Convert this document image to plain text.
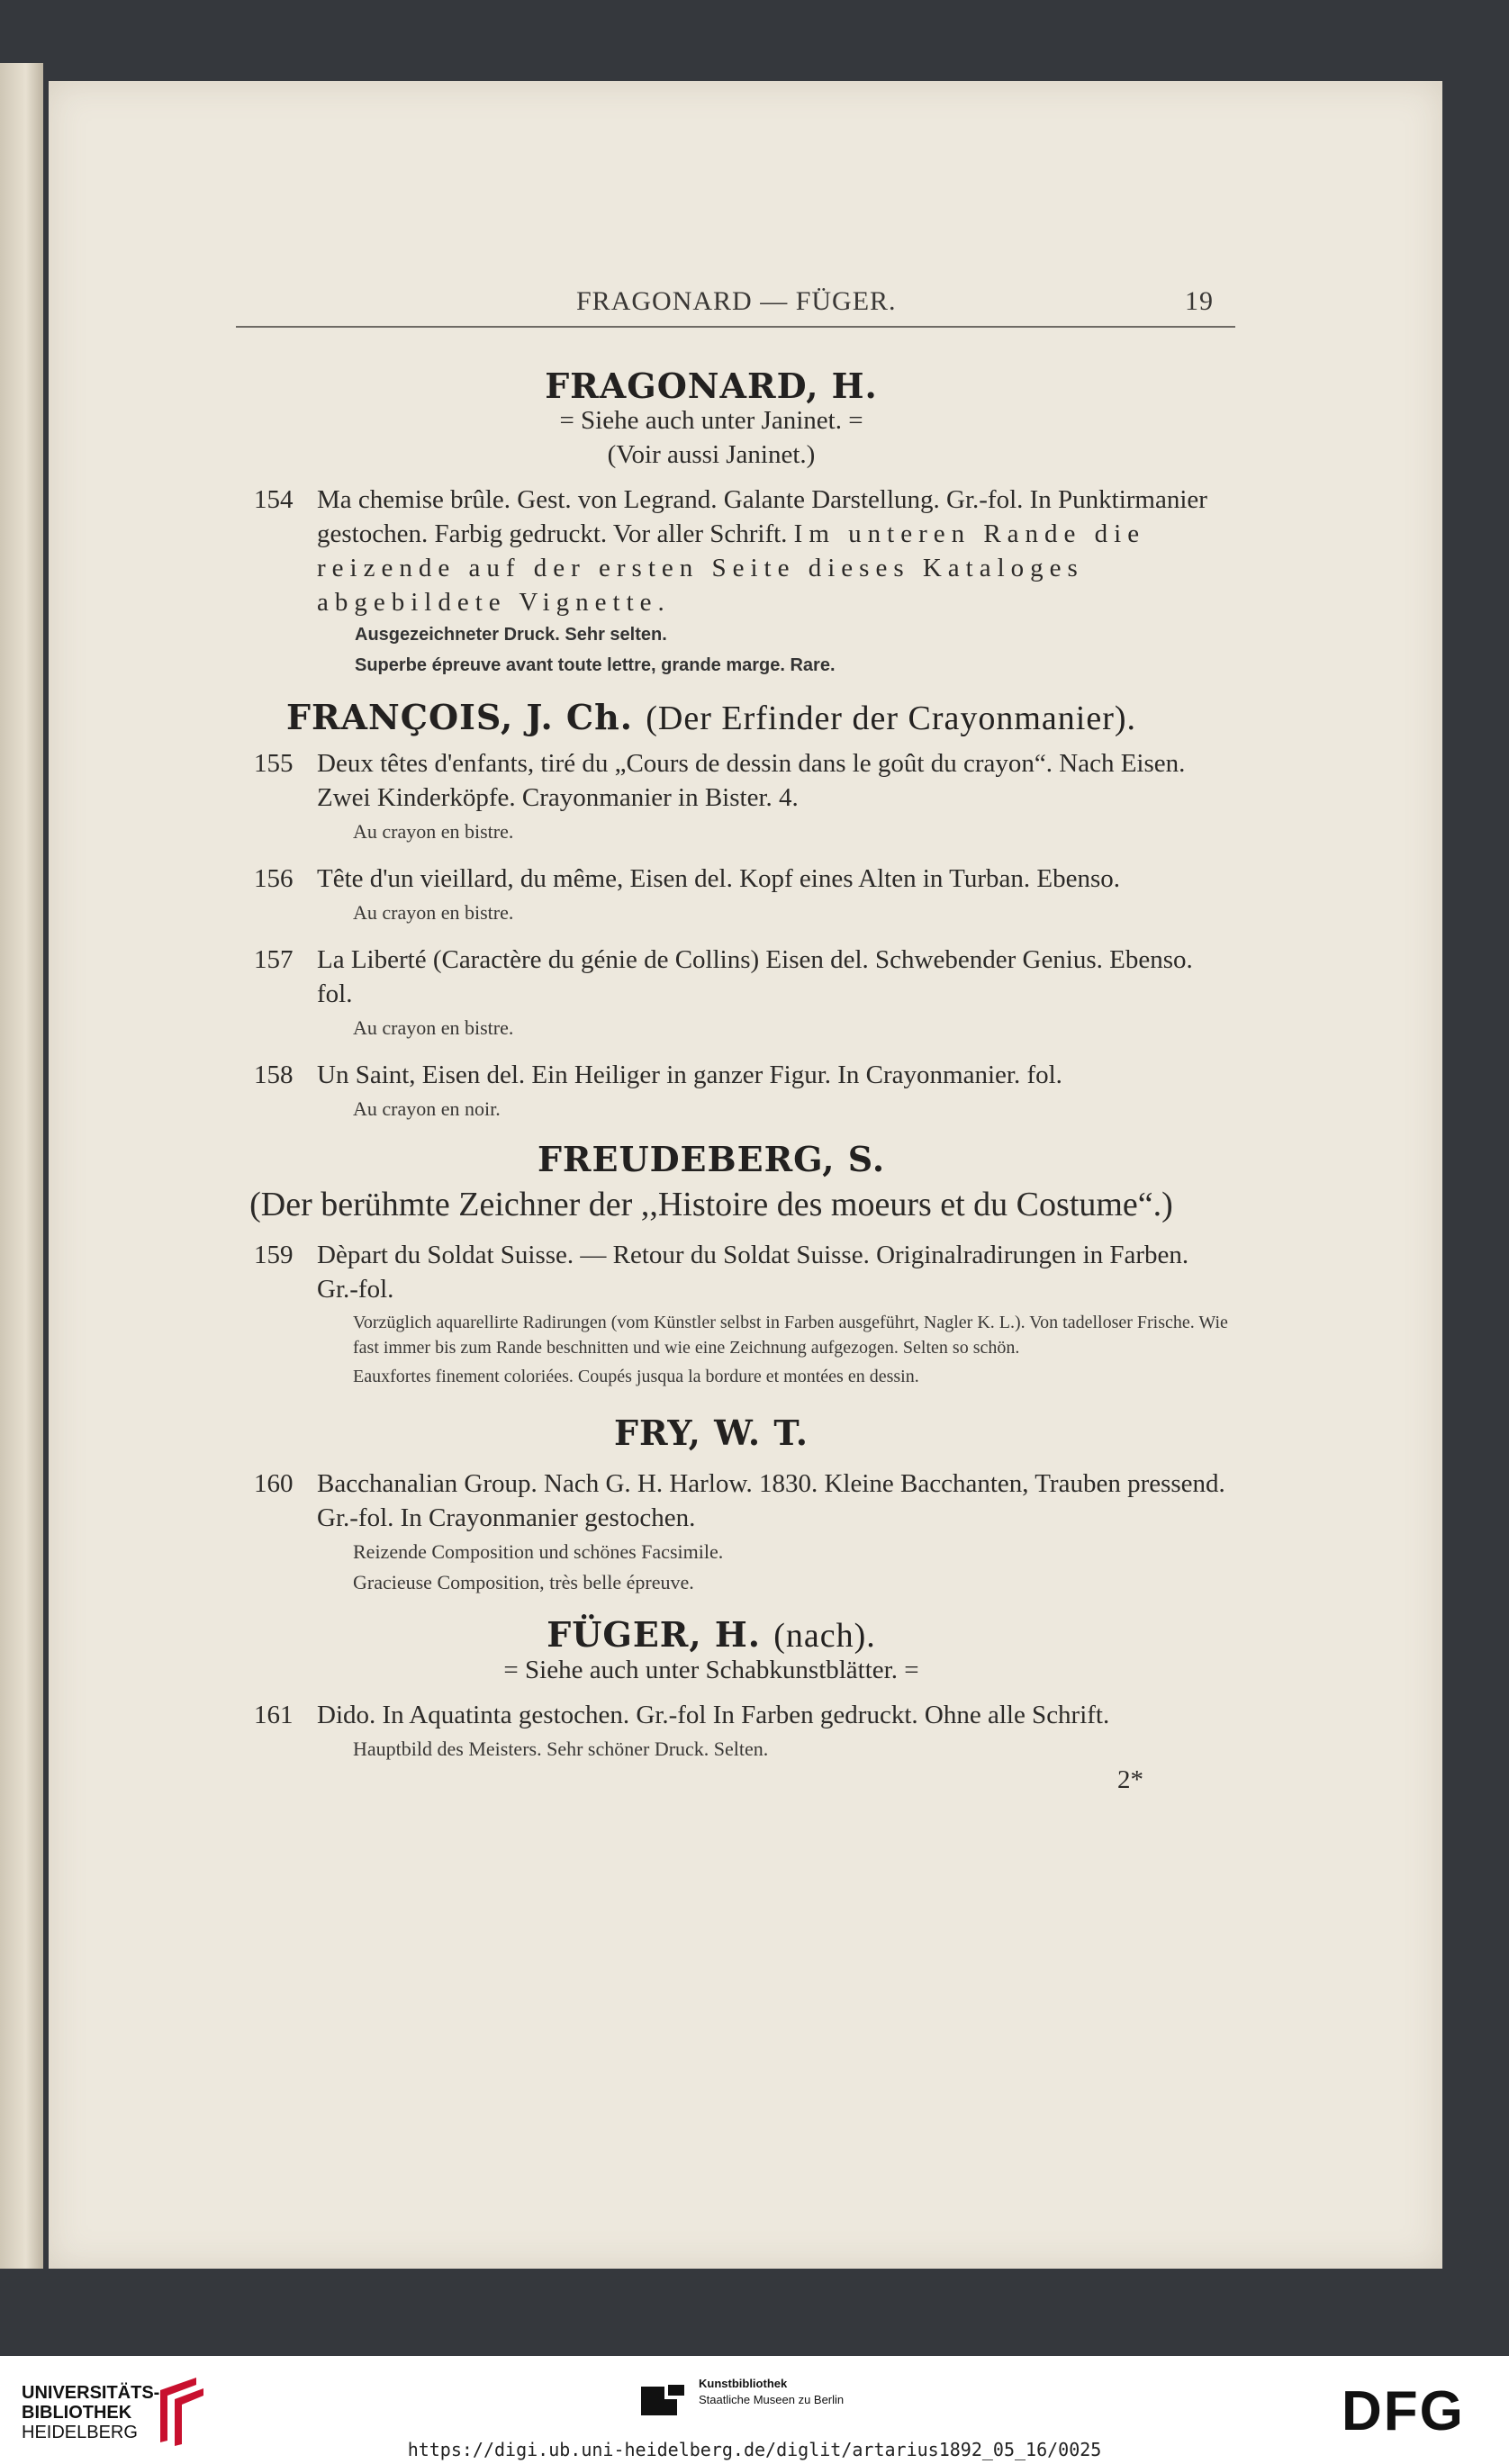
FRAGONARD — FÜGER.	19
FRAGONARD, H.
= Siehe auch unter Janinet. =
(Voir aussi Janinet.)
154 Ma chemise brûle. Gest. von Legrand. Galante Darstellung. Gr.-fol. In Punktirmanier gestochen. Farbig gedruckt. Vor aller Schrift. Im unteren Rande die reizende auf der ersten Seite dieses Kataloges abgebildete Vignette.
Ausgezeichneter Druck. Sehr selten.
Superbe épreuve avant toute lettre, grande marge. Rare.
FRANÇOIS, J. Ch. (Der Erfinder der Crayonmanier).
155 Deux têtes d'enfants, tiré du „Cours de dessin dans le goût du crayon“. Nach Eisen. Zwei Kinderköpfe. Crayonmanier in Bister. 4.
Au crayon en bistre.
156 Tête d'un vieillard, du même, Eisen del. Kopf eines Alten in Turban. Ebenso.
Au crayon en bistre.
157 La Liberté (Caractère du génie de Collins) Eisen del. Schwebender Genius. Ebenso. fol.
Au crayon en bistre.
158 Un Saint, Eisen del. Ein Heiliger in ganzer Figur. In Crayonmanier. fol.
Au crayon en noir.
FREUDEBERG, S.
(Der berühmte Zeichner der ,,Histoire des moeurs et du Costume“.)
159 Dèpart du Soldat Suisse. — Retour du Soldat Suisse. Originalradirungen in Farben. Gr.-fol.
Vorzüglich aquarellirte Radirungen (vom Künstler selbst in Farben ausgeführt, Nagler K. L.). Von tadelloser Frische. Wie fast immer bis zum Rande beschnitten und wie eine Zeichnung aufgezogen. Selten so schön.
Eauxfortes finement coloriées. Coupés jusqua la bordure et montées en dessin.
FRY, W. T.
160 Bacchanalian Group. Nach G. H. Harlow. 1830. Kleine Bacchanten, Trauben pressend. Gr.-fol. In Crayonmanier gestochen.
Reizende Composition und schönes Facsimile.
Gracieuse Composition, très belle épreuve.
FÜGER, H. (nach).
= Siehe auch unter Schabkunstblätter. =
161 Dido. In Aquatinta gestochen. Gr.-fol In Farben gedruckt. Ohne alle Schrift.
Hauptbild des Meisters. Sehr schöner Druck. Selten.
2*
UNIVERSITÄTS-
BIBLIOTHEK
HEIDELBERG
Kunstbibliothek
Staatliche Museen zu Berlin	DFG
https://digi.ub.uni-heidelberg.de/diglit/artarius1892_05_16/0025
